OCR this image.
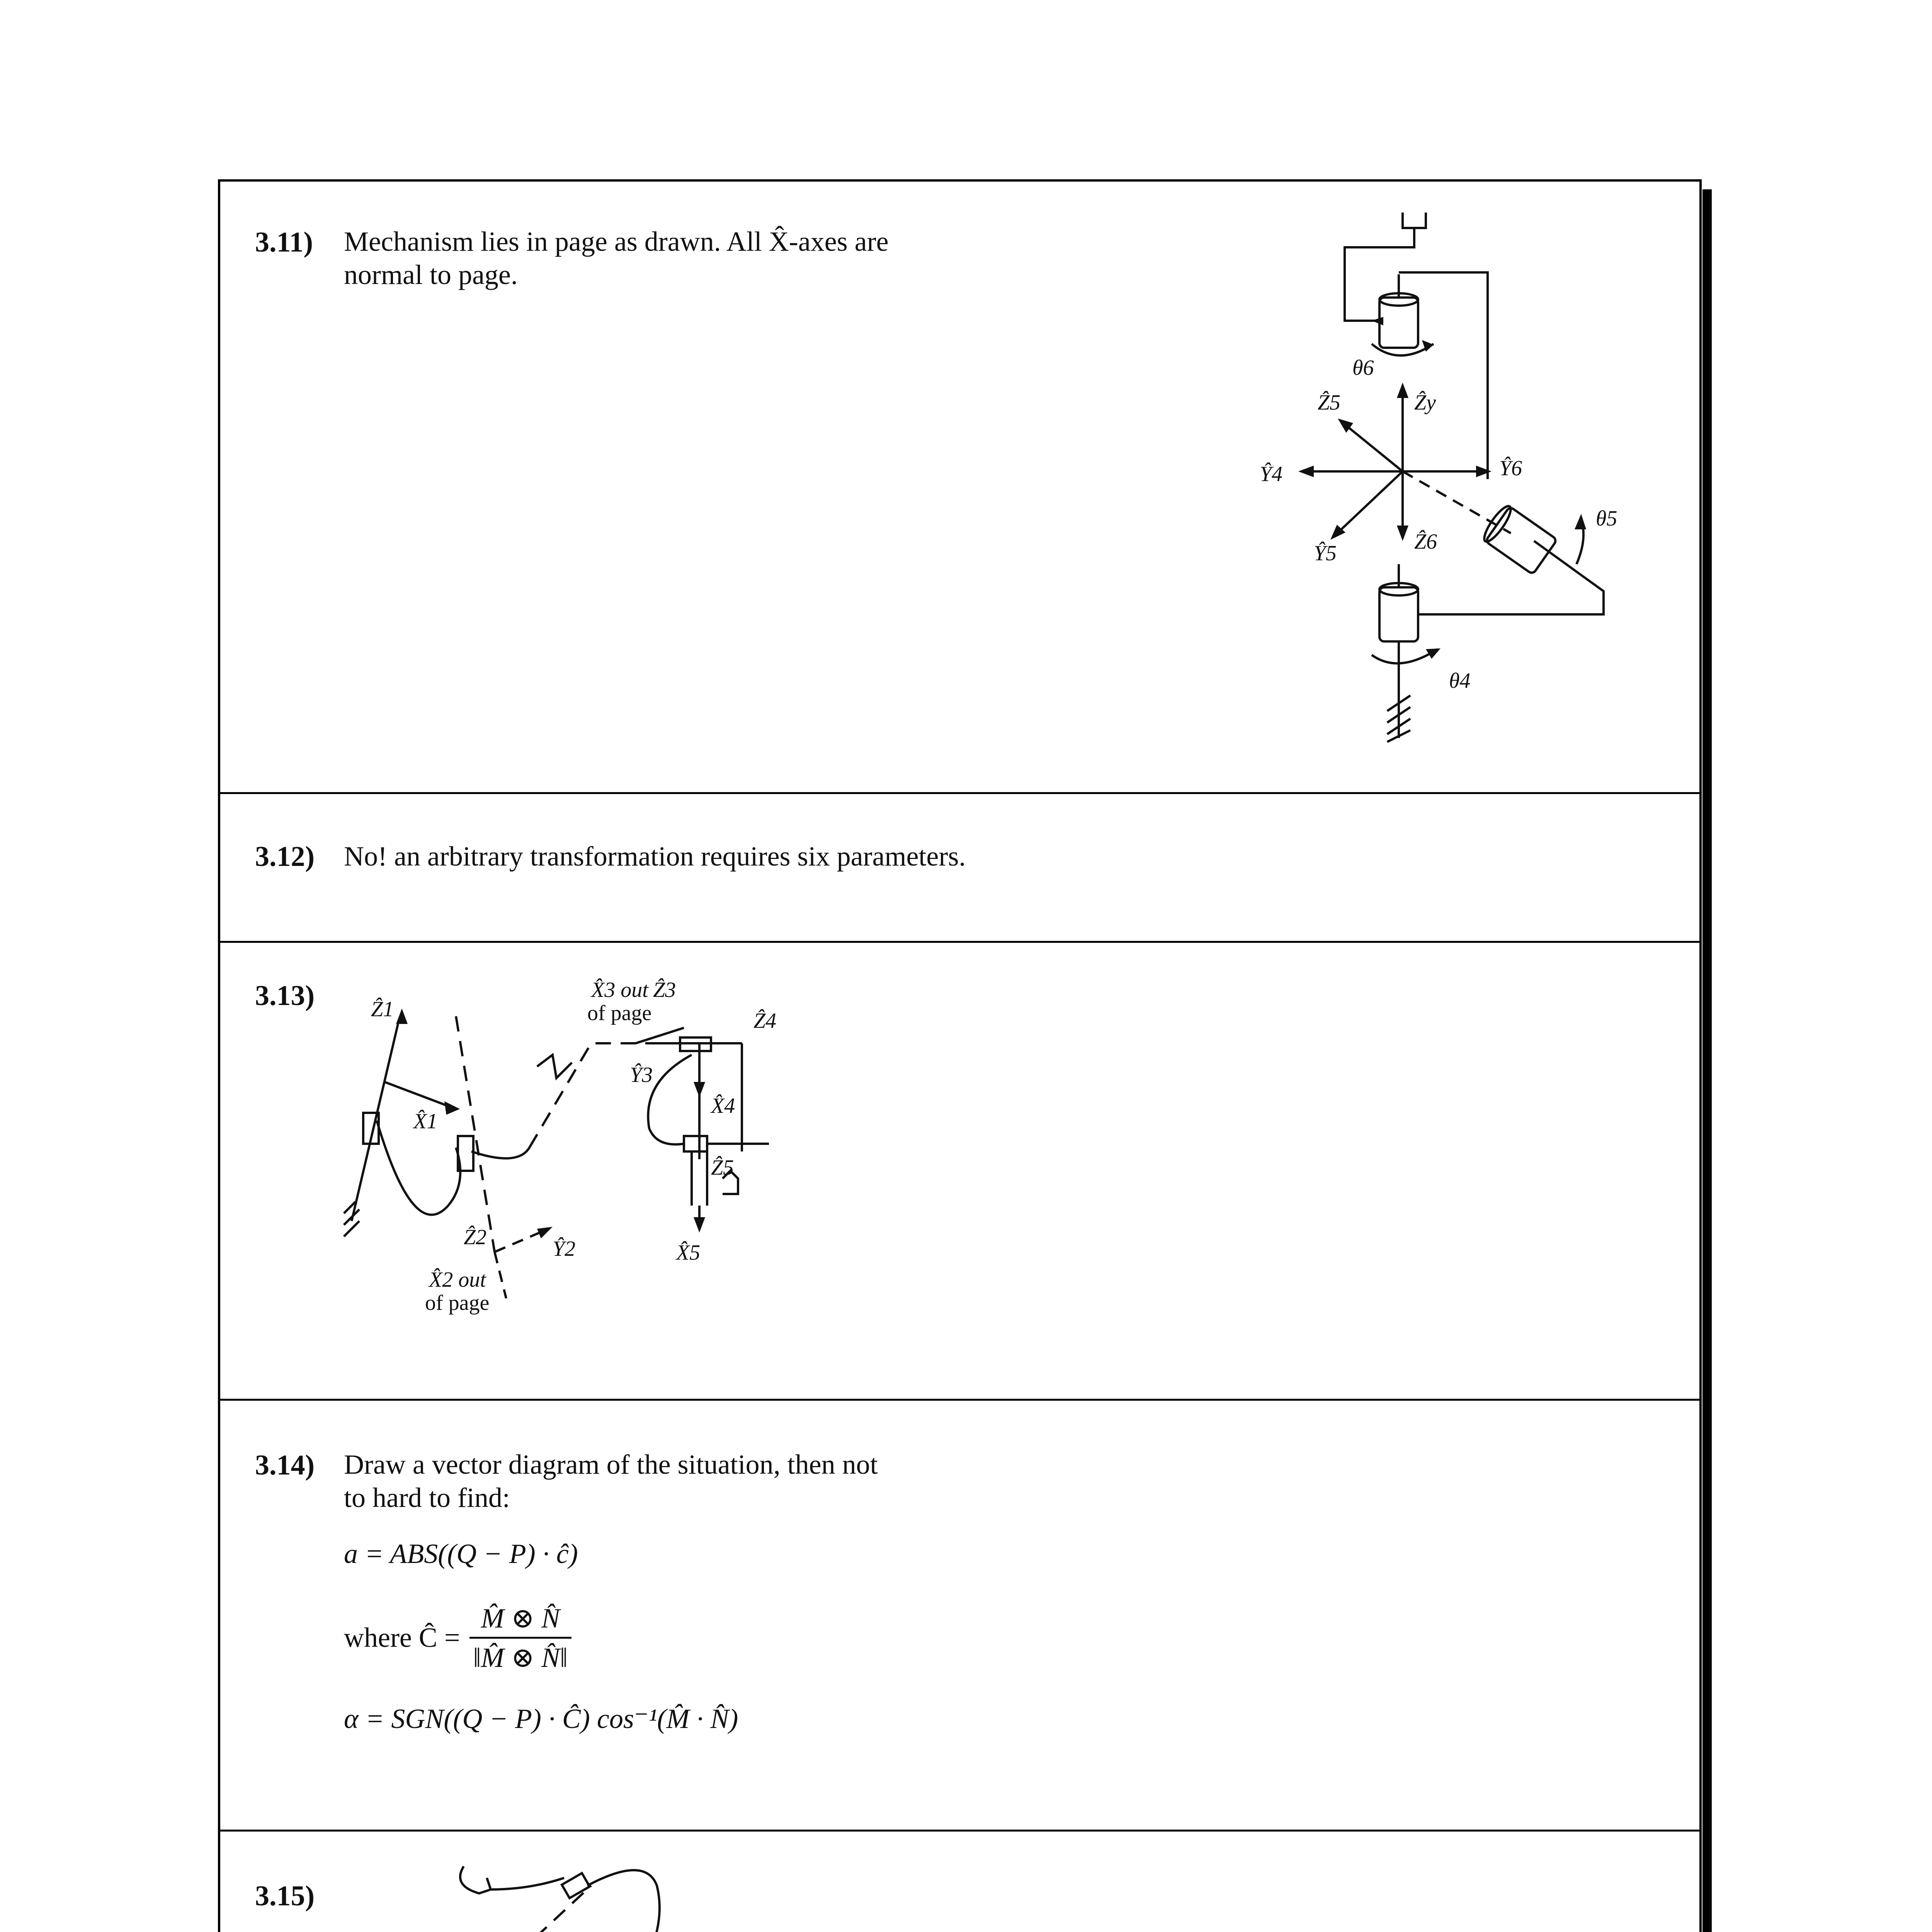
3.11) Mechanism lies in page as drawn. All X̂-axes are
normal to page.
θ6
Ẑ5	Ẑy
Ŷ4	Ŷ6
θ5
Ŷ5	Ẑ6
θ4
3.12) No! an arbitrary transformation requires six parameters.
3.13)	Ẑ1
X̂1
Ẑ2	Ŷ2
X̂2 out
of page
X̂3 out
of page
Ẑ3
Ŷ3
Ẑ4
X̂4
Ẑ5
X̂5
3.14) Draw a vector diagram of the situation, then not
to hard to find:
a = ABS((Q − P) · ĉ)
where Ĉ = $\frac{M̂ \otimes N̂}{‖M̂ \otimes N̂‖}$
α = SGN((Q − P) · Ĉ) cos⁻¹(M̂ · N̂)
3.15)
